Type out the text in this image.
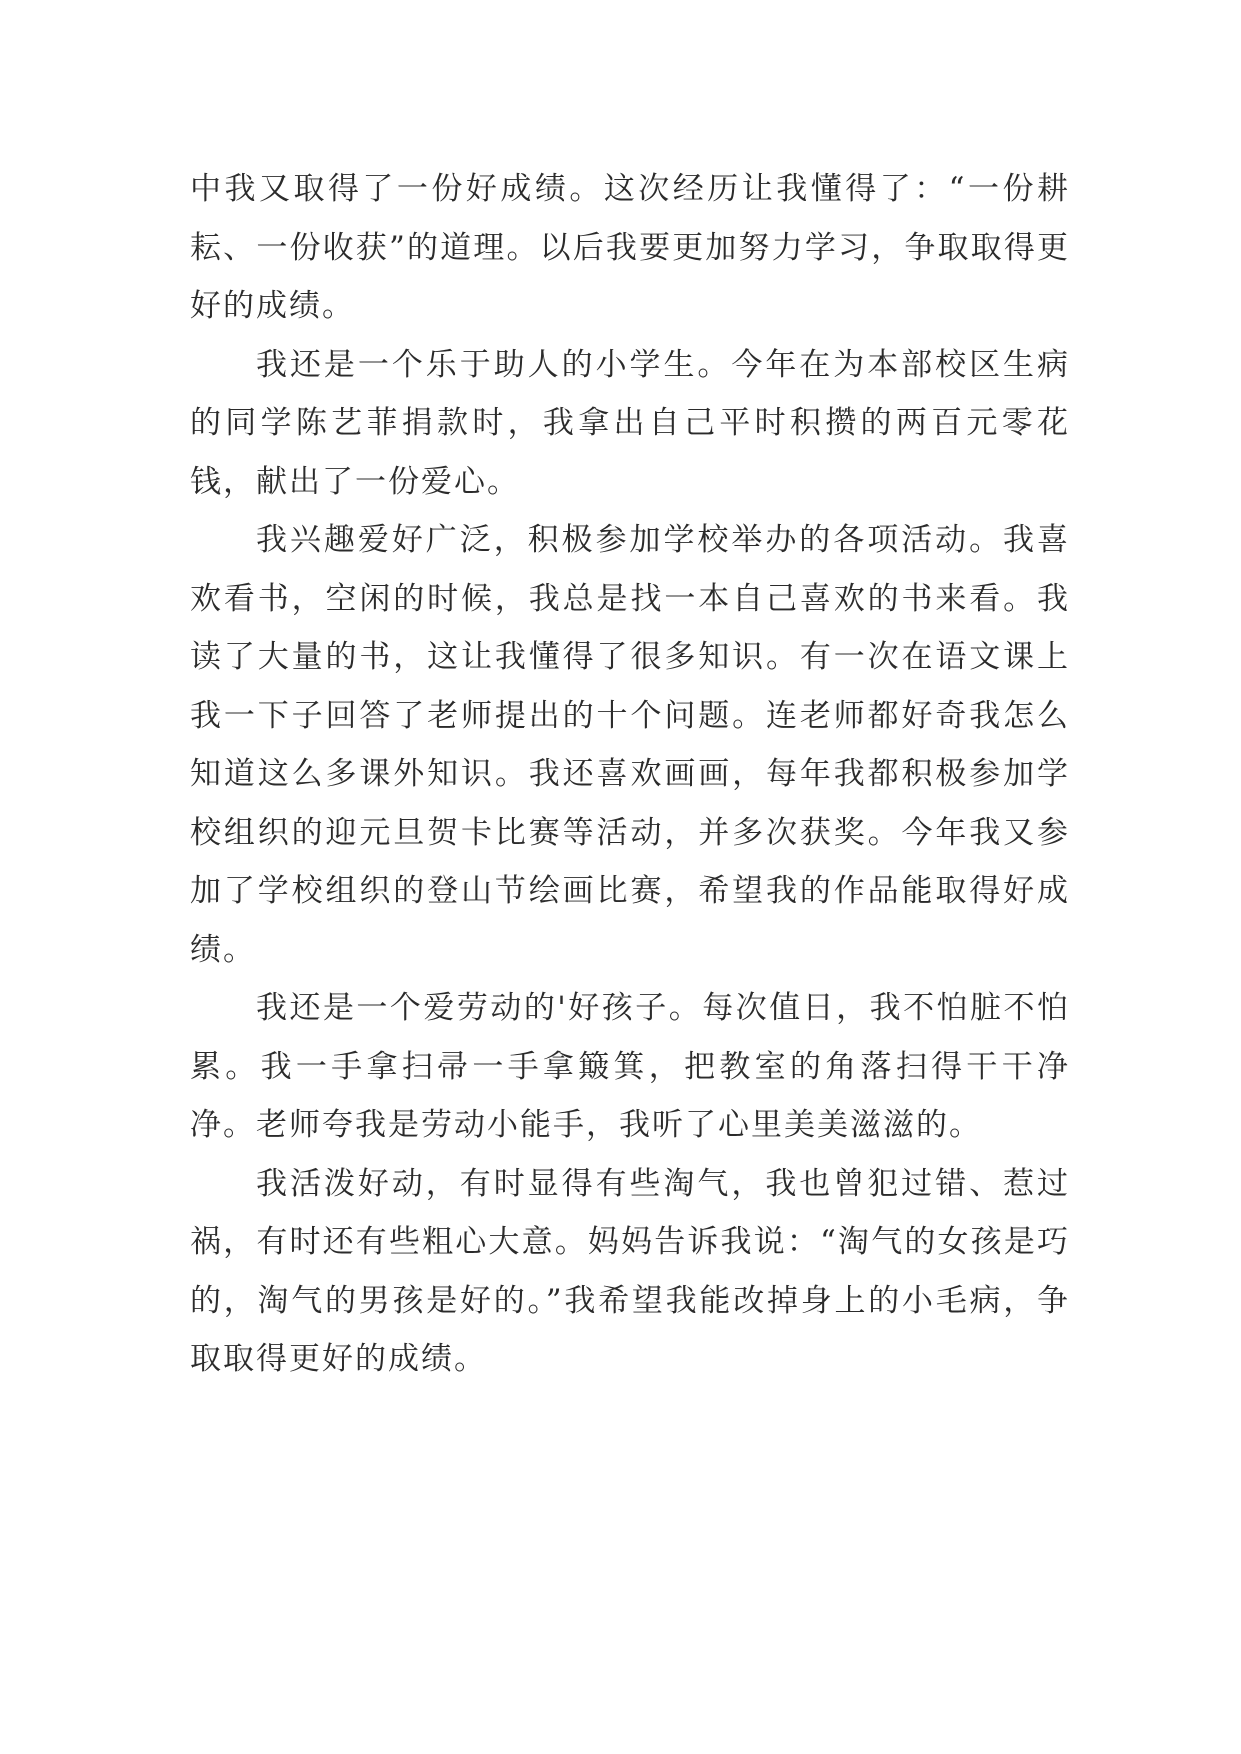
中我又取得了一份好成绩。这次经历让我懂得了：“一份耕耘、一份收获”的道理。以后我要更加努力学习，争取取得更好的成绩。

我还是一个乐于助人的小学生。今年在为本部校区生病的同学陈艺菲捐款时，我拿出自己平时积攒的两百元零花钱，献出了一份爱心。

我兴趣爱好广泛，积极参加学校举办的各项活动。我喜欢看书，空闲的时候，我总是找一本自己喜欢的书来看。我读了大量的书，这让我懂得了很多知识。有一次在语文课上我一下子回答了老师提出的十个问题。连老师都好奇我怎么知道这么多课外知识。我还喜欢画画，每年我都积极参加学校组织的迎元旦贺卡比赛等活动，并多次获奖。今年我又参加了学校组织的登山节绘画比赛，希望我的作品能取得好成绩。

我还是一个爱劳动的'好孩子。每次值日，我不怕脏不怕累。我一手拿扫帚一手拿簸箕，把教室的角落扫得干干净净。老师夸我是劳动小能手，我听了心里美美滋滋的。

我活泼好动，有时显得有些淘气，我也曾犯过错、惹过祸，有时还有些粗心大意。妈妈告诉我说：“淘气的女孩是巧的，淘气的男孩是好的。”我希望我能改掉身上的小毛病，争取取得更好的成绩。
